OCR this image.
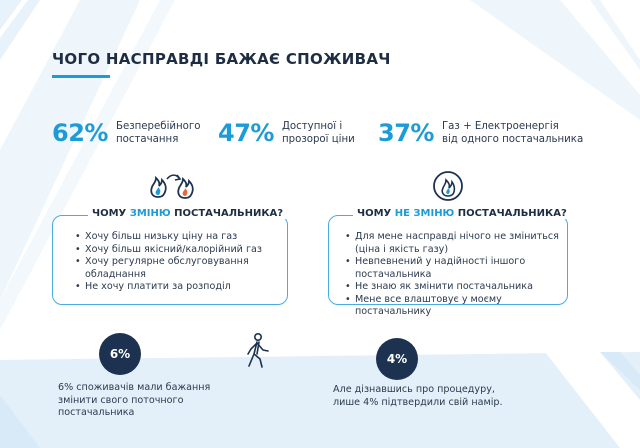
ЧОГО НАСПРАВДІ БАЖАЄ СПОЖИВАЧ
62% Безперебійного
постачання	47% Доступної і
прозорої ціни 37% Газ + Електроенергія
від одного постачальника
• Хочу більш низьку ціну на газ
• Хочу більш якісний/калорійний газ
• Хочу регулярне обслуговування
обладнання
• Не хочу платити за розподіл
ЧОМУ ЗМІНЮ ПОСТАЧАЛЬНИКА?
• Для мене насправді нічого не зміниться
(ціна і якість газу)
• Невпевнений у надійності іншого
постачальника
• Не знаю як змінити постачальника
• Мене все влаштовує у моєму постачальнику
ЧОМУ НЕ ЗМІНЮ ПОСТАЧАЛЬНИКА?
6%	4%
6% споживачів мали бажання
змінити свого поточного
постачальника
Але дізнавшись про процедуру,
лише 4% підтвердили свій намір.
